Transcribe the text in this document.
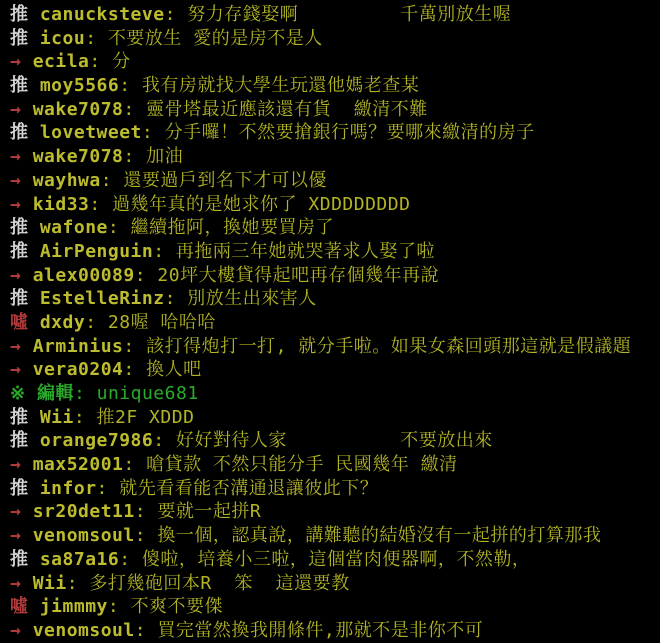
推 canucksteve: 努力存錢娶啊         千萬別放生喔
推 icou: 不要放生 愛的是房不是人
→ ecila: 分
推 moy5566: 我有房就找大學生玩還他媽老查某
→ wake7078: 靈骨塔最近應該還有貨  繳清不難
推 lovetweet: 分手囉！不然要搶銀行嗎？要哪來繳清的房子
→ wake7078: 加油
→ wayhwa: 還要過戶到名下才可以優
→ kid33: 過幾年真的是她求你了 XDDDDDDDD
推 wafone: 繼續拖阿，換她要買房了
推 AirPenguin: 再拖兩三年她就哭著求人娶了啦
→ alex00089: 20坪大樓貸得起吧再存個幾年再說
推 EstelleRinz: 別放生出來害人
噓 dxdy: 28喔 哈哈哈
→ Arminius: 該打得炮打一打, 就分手啦。如果女森回頭那這就是假議題
→ vera0204: 換人吧
※ 編輯: unique681
推 Wii: 推2F XDDD
推 orange7986: 好好對待人家          不要放出來
→ max52001: 嗆貸款 不然只能分手 民國幾年 繳清
推 infor: 就先看看能否溝通退讓彼此下？
→ sr20det11: 要就一起拼R
→ venomsoul: 換一個，認真說，講難聽的結婚沒有一起拼的打算那我
推 sa87a16: 傻啦，培養小三啦，這個當肉便器啊，不然勒，
→ Wii: 多打幾砲回本R  笨  這還要教
噓 jimmmy: 不爽不要傑
→ venomsoul: 買完當然換我開條件,那就不是非你不可
